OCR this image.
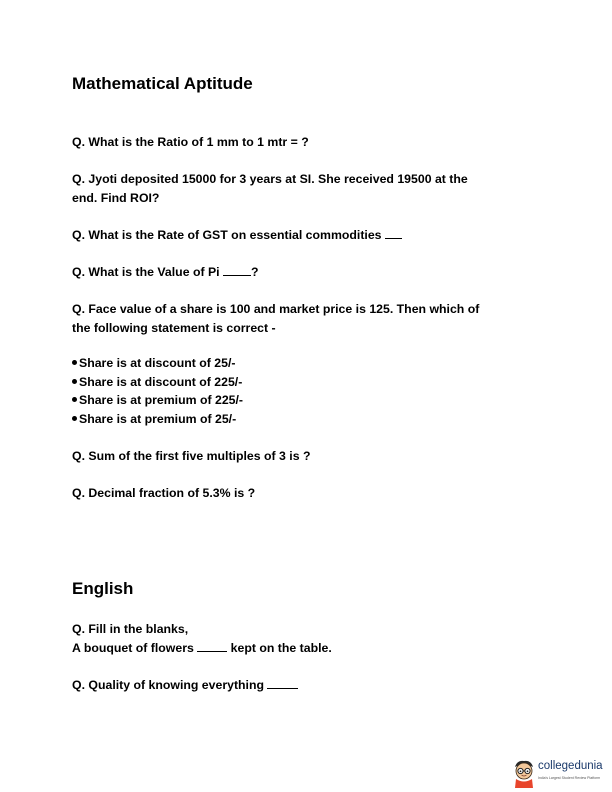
Mathematical Aptitude

Q. What is the Ratio of 1 mm to 1 mtr = ?

Q. Jyoti deposited 15000 for 3 years at SI. She received 19500 at the
end. Find ROI?

Q. What is the Rate of GST on essential commodities

Q. What is the Value of Pi	?

Q. Face value of a share is 100 and market price is 125. Then which of
the following statement is correct -

Share is at discount of 25/-
Share is at discount of 225/-
Share is at premium of 225/-
Share is at premium of 25/-

Q. Sum of the first five multiples of 3 is ?

Q. Decimal fraction of 5.3% is ?

English

Q. Fill in the blanks,
A bouquet of flowers	kept on the table.

Q. Quality of knowing everything

collegedunia
India's Largest Student Review Platform
